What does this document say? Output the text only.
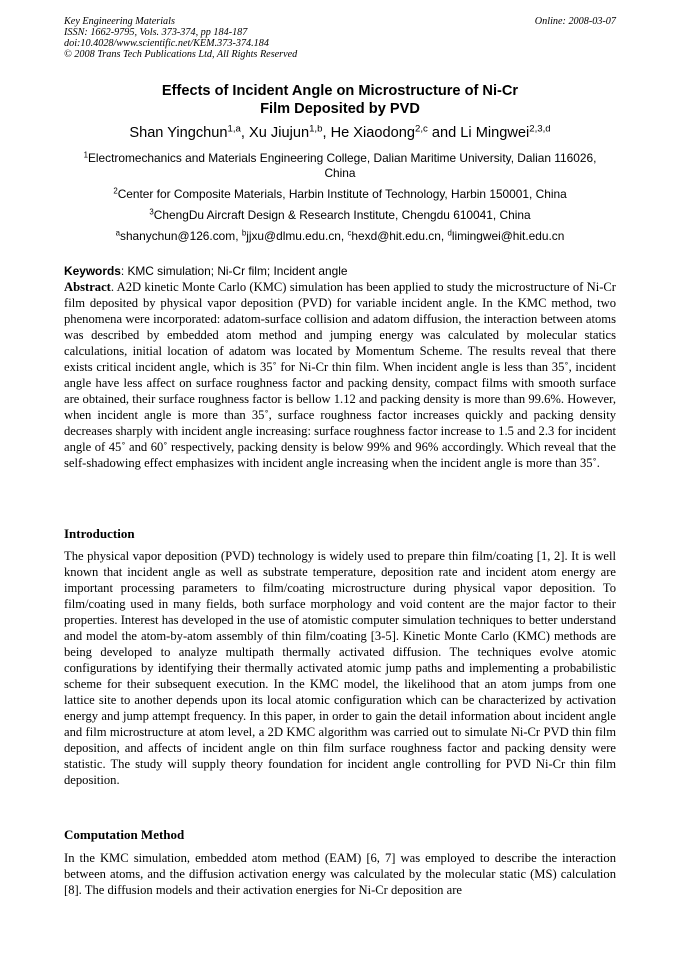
Key Engineering Materials
ISSN: 1662-9795, Vols. 373-374, pp 184-187
doi:10.4028/www.scientific.net/KEM.373-374.184
© 2008 Trans Tech Publications Ltd, All Rights Reserved
Online: 2008-03-07
Effects of Incident Angle on Microstructure of Ni-Cr
Film Deposited by PVD
Shan Yingchun$^{1,a}$, Xu Jiujun$^{1,b}$, He Xiaodong$^{2,c}$ and Li Mingwei$^{2,3,d}$
$^1$Electromechanics and Materials Engineering College, Dalian Maritime University, Dalian 116026,
China
$^2$Center for Composite Materials, Harbin Institute of Technology, Harbin 150001, China
$^3$ChengDu Aircraft Design & Research Institute, Chengdu 610041, China
$^a$shanychun@126.com, $^b$jjxu@dlmu.edu.cn, $^c$hexd@hit.edu.cn, $^d$limingwei@hit.edu.cn
Keywords: KMC simulation; Ni-Cr film; Incident angle
Abstract. A2D kinetic Monte Carlo (KMC) simulation has been applied to study the microstructure of Ni-Cr film deposited by physical vapor deposition (PVD) for variable incident angle. In the KMC method, two phenomena were incorporated: adatom-surface collision and adatom diffusion, the interaction between atoms was described by embedded atom method and jumping energy was calculated by molecular statics calculations, initial location of adatom was located by Momentum Scheme. The results reveal that there exists critical incident angle, which is 35˚ for Ni-Cr thin film. When incident angle is less than 35˚, incident angle have less affect on surface roughness factor and packing density, compact films with smooth surface are obtained, their surface roughness factor is bellow 1.12 and packing density is more than 99.6%. However, when incident angle is more than 35˚, surface roughness factor increases quickly and packing density decreases sharply with incident angle increasing: surface roughness factor increase to 1.5 and 2.3 for incident angle of 45˚ and 60˚ respectively, packing density is below 99% and 96% accordingly. Which reveal that the self-shadowing effect emphasizes with incident angle increasing when the incident angle is more than 35˚.
Introduction
The physical vapor deposition (PVD) technology is widely used to prepare thin film/coating [1, 2]. It is well known that incident angle as well as substrate temperature, deposition rate and incident atom energy are important processing parameters to film/coating microstructure during physical vapor deposition. To film/coating used in many fields, both surface morphology and void content are the major factor to their properties. Interest has developed in the use of atomistic computer simulation techniques to better understand and model the atom-by-atom assembly of thin film/coating [3-5]. Kinetic Monte Carlo (KMC) methods are being developed to analyze multipath thermally activated diffusion. The techniques evolve atomic configurations by identifying their thermally activated atomic jump paths and implementing a probabilistic scheme for their subsequent execution. In the KMC model, the likelihood that an atom jumps from one lattice site to another depends upon its local atomic configuration which can be characterized by activation energy and jump attempt frequency. In this paper, in order to gain the detail information about incident angle and film microstructure at atom level, a 2D KMC algorithm was carried out to simulate Ni-Cr PVD thin film deposition, and affects of incident angle on thin film surface roughness factor and packing density were statistic. The study will supply theory foundation for incident angle controlling for PVD Ni-Cr thin film deposition.
Computation Method
In the KMC simulation, embedded atom method (EAM) [6, 7] was employed to describe the interaction between atoms, and the diffusion activation energy was calculated by the molecular static (MS) calculation [8]. The diffusion models and their activation energies for Ni-Cr deposition are
